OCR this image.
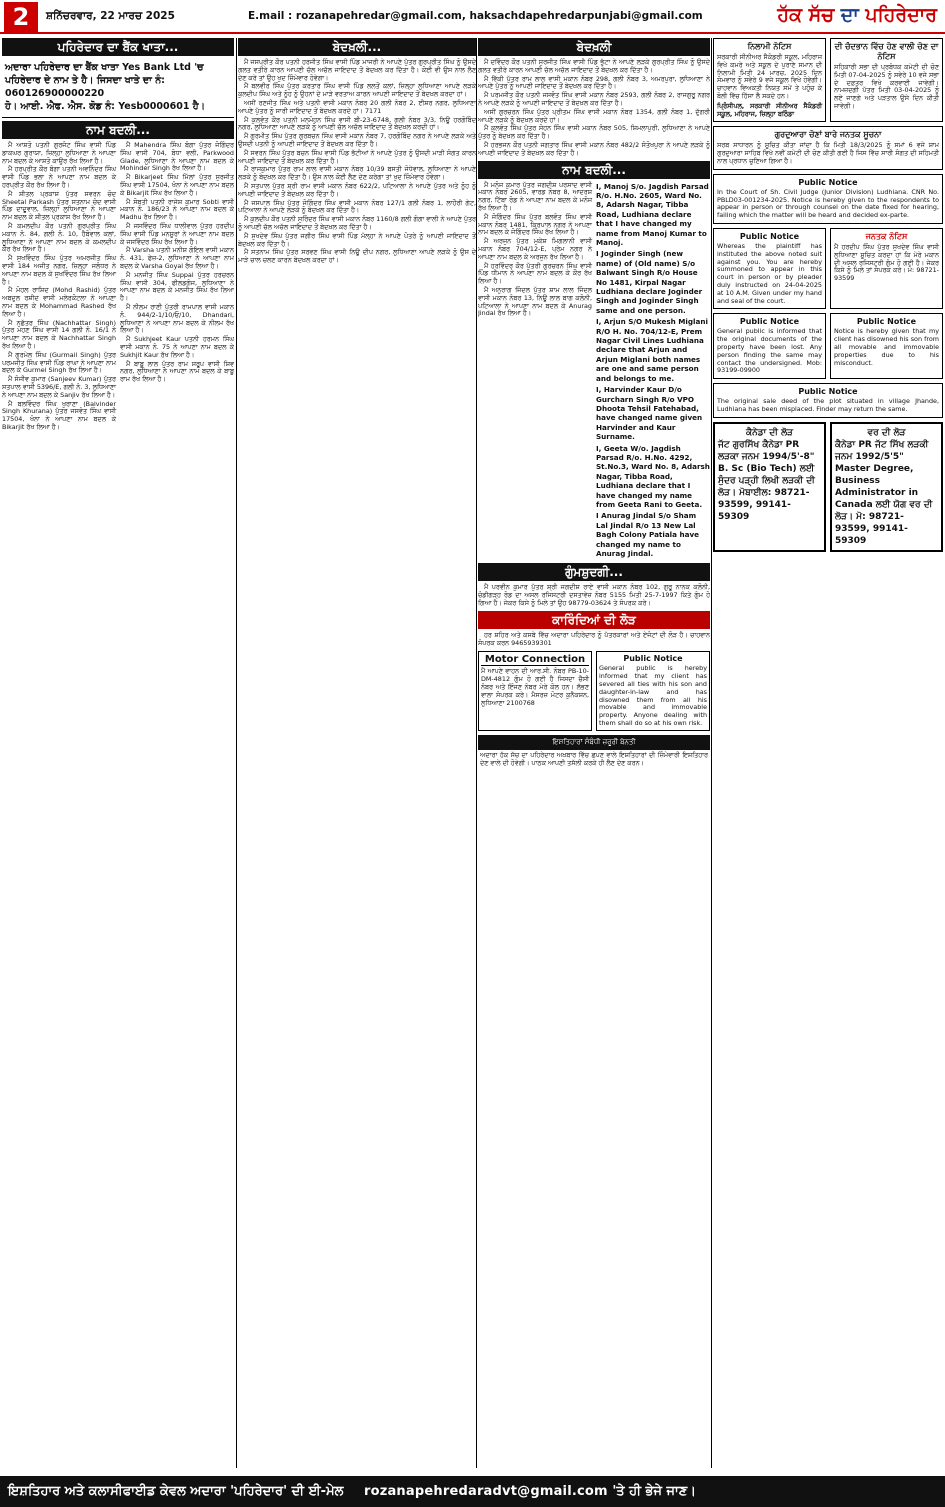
2	ਸ਼ਨਿੱਚਰਵਾਰ, 22 ਮਾਰਚ 2025	E.mail : rozanapehredar@gmail.com, haksachdapehredarpunjabi@gmail.com	ਹੱਕ ਸੱਚ ਦਾ ਪਹਿਰੇਦਾਰ
ਪਹਿਰੇਦਾਰ ਦਾ ਬੈਂਕ ਖਾਤਾ...
ਅਦਾਰਾ ਪਹਿਰੇਦਾਰ ਦਾ ਬੈਂਕ ਖਾਤਾ Yes Bank Ltd 'ਚ ਪਹਿਰੇਦਾਰ ਦੇ ਨਾਮ ਤੇ ਹੈ। ਜਿਸਦਾ ਖਾਤੇ ਦਾ ਨੰ: 060126900000220
ਹੋ। ਆਈ. ਐਫ. ਐਸ. ਕੋਡ ਨੰ: Yesb0000601 ਹੈ।
ਨਾਮ ਬਦਲੀ...

ਮੈਂ ਆਸ਼ਤੋ ਪਤਨੀ ਗੁਰਜੰਟ ਸਿੰਘ ਵਾਸੀ ਪਿੰਡ ਡਾਕਘਰ ਗੁਰਾਯਾ, ਜ਼ਿਲ੍ਹਾ ਲੁਧਿਆਣਾ ਨੇ ਆਪਣਾ ਨਾਮ ਬਦਲ ਕੇ ਆਸ਼ਤੋ ਕਾਉਰ ਰੱਖ ਲਿਆ ਹੈ।

ਮੈਂ ਹਰਪ੍ਰੀਤ ਕੌਰ ਬੰਗਾ ਪਤਨੀ ਅਵਨਿੰਦਰ ਸਿੰਘ ਵਾਸੀ ਪਿੰਡ ਭਲਾ ਨੇ ਆਪਣਾ ਨਾਮ ਬਦਲ ਕੇ ਹਰਪ੍ਰੀਤ ਕੌਰ ਰੱਖ ਲਿਆ ਹੈ।

ਮੈਂ ਸ਼ੀਤਲ ਪ੍ਰਕਾਸ਼ ਪੁੱਤਰ ਸਵਰਨ ਚੰਦ Sheetal Parkash ਪੁੱਤਰ ਸਤਨਾਮ ਚੰਦ ਵਾਸੀ ਪਿੰਡ ਦਾਦੂਵਾਲ, ਜ਼ਿਲ੍ਹਾ ਲੁਧਿਆਣਾ ਨੇ ਆਪਣਾ ਨਾਮ ਬਦਲ ਕੇ ਸ਼ੀਤਲ ਪ੍ਰਕਾਸ਼ ਰੱਖ ਲਿਆ ਹੈ।

ਮੈਂ ਕਮਲਦੀਪ ਕੌਰ ਪਤਨੀ ਗੁਰਪ੍ਰੀਤ ਸਿੰਘ ਮਕਾਨ ਨੰ. 84, ਗਲੀ ਨੰ. 10, ਹੈਬੋਵਾਲ ਕਲਾਂ, ਲੁਧਿਆਣਾ ਨੇ ਆਪਣਾ ਨਾਮ ਬਦਲ ਕੇ ਕਮਲਦੀਪ ਕੌਰ ਰੱਖ ਲਿਆ ਹੈ।

ਮੈਂ ਸੁਖਵਿੰਦਰ ਸਿੰਘ ਪੁੱਤਰ ਅਮਰਜੀਤ ਸਿੰਘ ਵਾਸੀ 184 ਅਜੀਤ ਨਗਰ, ਜ਼ਿਲ੍ਹਾ ਜਲੰਧਰ ਨੇ ਆਪਣਾ ਨਾਮ ਬਦਲ ਕੇ ਸੁਖਵਿੰਦਰ ਸਿੰਘ ਰੱਖ ਲਿਆ ਹੈ।

ਮੈਂ ਮੋਹਲ ਰਾਸ਼ਿਦ (Mohd Rashid) ਪੁੱਤਰ ਅਬਦੁਲ ਰਸ਼ੀਦ ਵਾਸੀ ਮਲੇਰਕੋਟਲਾ ਨੇ ਆਪਣਾ ਨਾਮ ਬਦਲ ਕੇ Mohammad Rashed ਰੱਖ ਲਿਆ ਹੈ।

ਮੈਂ ਨਛੱਤਰ ਸਿੰਘ (Nachhattar Singh) ਪੁੱਤਰ ਮੋਹਣ ਸਿੰਘ ਵਾਸੀ 14 ਗਲੀ ਨੰ. 16/1 ਨੇ ਆਪਣਾ ਨਾਮ ਬਦਲ ਕੇ Nachhattar Singh ਰੱਖ ਲਿਆ ਹੈ।

ਮੈਂ ਗੁਰਮੇਲ ਸਿੰਘ (Gurmail Singh) ਪੁੱਤਰ ਪਰਮਜੀਤ ਸਿੰਘ ਵਾਸੀ ਪਿੰਡ ਰਾਘਾ ਨੇ ਆਪਣਾ ਨਾਮ ਬਦਲ ਕੇ Gurmel Singh ਰੱਖ ਲਿਆ ਹੈ।

ਮੈਂ ਸੰਜੀਵ ਕੁਮਾਰ (Sanjeev Kumar) ਪੁੱਤਰ ਸਤਪਾਲ ਵਾਸੀ 5396/E, ਗਲੀ ਨੰ. 3, ਲੁਧਿਆਣਾ ਨੇ ਆਪਣਾ ਨਾਮ ਬਦਲ ਕੇ Sanjiv ਰੱਖ ਲਿਆ ਹੈ।

ਮੈਂ ਬਲਵਿੰਦਰ ਸਿੰਘ ਖੁਰਾਣਾ (Balvinder Singh Khurana) ਪੁੱਤਰ ਜਸਵੰਤ ਸਿੰਘ ਵਾਸੀ 17504, ਖੰਨਾ ਨੇ ਆਪਣਾ ਨਾਮ ਬਦਲ ਕੇ Bikarjit ਰੱਖ ਲਿਆ ਹੈ।

ਮੈਂ Mahendra ਸਿੰਘ ਬੰਗਾ ਪੁੱਤਰ ਜੋਗਿੰਦਰ ਸਿੰਘ ਵਾਸੀ 704, ਬੋਧਾ ਵਲੀ, Parkwood Glade, ਲੁਧਿਆਣਾ ਨੇ ਆਪਣਾ ਨਾਮ ਬਦਲ ਕੇ Mohinder Singh ਰੱਖ ਲਿਆ ਹੈ।

ਮੈਂ Bikarjeet ਸਿੰਘ ਮਿੱਲਾਂ ਪੁੱਤਰ ਸੁਰਜੀਤ ਸਿੰਘ ਵਾਸੀ 17504, ਖੰਨਾ ਨੇ ਆਪਣਾ ਨਾਮ ਬਦਲ ਕੇ Bikarjit ਸਿੰਘ ਰੱਖ ਲਿਆ ਹੈ।

ਮੈਂ ਸੋਬਤੀ ਪਤਨੀ ਰਾਜੇਸ਼ ਕੁਮਾਰ Sobti ਵਾਸੀ ਮਕਾਨ ਨੰ. 186/23 ਨੇ ਆਪਣਾ ਨਾਮ ਬਦਲ ਕੇ Madhu ਰੱਖ ਲਿਆ ਹੈ।

ਮੈਂ ਜਸਵਿੰਦਰ ਸਿੰਘ ਧਾਲੀਵਾਲ ਪੁੱਤਰ ਹਰਦੀਪ ਸਿੰਘ ਵਾਸੀ ਪਿੰਡ ਮਨਸੂਰਾਂ ਨੇ ਆਪਣਾ ਨਾਮ ਬਦਲ ਕੇ ਜਸਵਿੰਦਰ ਸਿੰਘ ਰੱਖ ਲਿਆ ਹੈ।

ਮੈਂ Varsha ਪਤਨੀ ਮਨੀਸ਼ ਗੋਇਲ ਵਾਸੀ ਮਕਾਨ ਨੰ. 431, ਫੇਜ਼-2, ਲੁਧਿਆਣਾ ਨੇ ਆਪਣਾ ਨਾਮ ਬਦਲ ਕੇ Varsha Goyal ਰੱਖ ਲਿਆ ਹੈ।

ਮੈਂ ਮਨਜੀਤ ਸਿੰਘ Suppal ਪੁੱਤਰ ਹਰਚਰਨ ਸਿੰਘ ਵਾਸੀ 304, ਫੀਲਡਗੰਜ, ਲੁਧਿਆਣਾ ਨੇ ਆਪਣਾ ਨਾਮ ਬਦਲ ਕੇ ਮਨਜੀਤ ਸਿੰਘ ਰੱਖ ਲਿਆ ਹੈ।

ਮੈਂ ਨੀਲਮ ਰਾਣੀ ਪੁੱਤਰੀ ਰਾਮਪਾਲ ਵਾਸੀ ਮਕਾਨ ਨੰ. 944/2-1/10/ਓ/10, Dhandari, ਲੁਧਿਆਣਾ ਨੇ ਆਪਣਾ ਨਾਮ ਬਦਲ ਕੇ ਨੀਲਮ ਰੱਖ ਲਿਆ ਹੈ।

ਮੈਂ Sukhjeet Kaur ਪਤਨੀ ਹਰਮਨ ਸਿੰਘ ਵਾਸੀ ਮਕਾਨ ਨੰ. 75 ਨੇ ਆਪਣਾ ਨਾਮ ਬਦਲ ਕੇ Sukhjit Kaur ਰੱਖ ਲਿਆ ਹੈ।

ਮੈਂ ਬਾਬੂ ਲਾਲ ਪੁੱਤਰ ਰਾਮ ਸਰੂਪ ਵਾਸੀ ਸ਼ਿਵ ਨਗਰ, ਲੁਧਿਆਣਾ ਨੇ ਆਪਣਾ ਨਾਮ ਬਦਲ ਕੇ ਬਾਬੂ ਰਾਮ ਰੱਖ ਲਿਆ ਹੈ।

ਬੇਦਖ਼ਲੀ...

ਮੈਂ ਜਸਪ੍ਰੀਤ ਕੌਰ ਪਤਨੀ ਹਰਜੀਤ ਸਿੰਘ ਵਾਸੀ ਪਿੰਡ ਮਾਜਰੀ ਨੇ ਆਪਣੇ ਪੁੱਤਰ ਗੁਰਪ੍ਰੀਤ ਸਿੰਘ ਨੂੰ ਉਸਦੇ ਗਲਤ ਵਤੀਰੇ ਕਾਰਨ ਆਪਣੀ ਚੱਲ ਅਚੱਲ ਜਾਇਦਾਦ ਤੋਂ ਬੇਦਖ਼ਲ ਕਰ ਦਿੱਤਾ ਹੈ। ਕੋਈ ਵੀ ਉਸ ਨਾਲ ਲੈਣ ਦੇਣ ਕਰੇ ਤਾਂ ਉਹ ਖੁਦ ਜ਼ਿੰਮੇਵਾਰ ਹੋਵੇਗਾ।

ਮੈਂ ਬਲਵੀਰ ਸਿੰਘ ਪੁੱਤਰ ਕਰਤਾਰ ਸਿੰਘ ਵਾਸੀ ਪਿੰਡ ਲਲਤੋਂ ਕਲਾਂ, ਜ਼ਿਲ੍ਹਾ ਲੁਧਿਆਣਾ ਆਪਣੇ ਲੜਕੇ ਕੁਲਦੀਪ ਸਿੰਘ ਅਤੇ ਨੂੰਹ ਨੂੰ ਉਹਨਾਂ ਦੇ ਮਾੜੇ ਵਰਤਾਅ ਕਾਰਨ ਆਪਣੀ ਜਾਇਦਾਦ ਤੋਂ ਬੇਦਖ਼ਲ ਕਰਦਾ ਹਾਂ।

ਅਸੀਂ ਰਣਜੀਤ ਸਿੰਘ ਅਤੇ ਪਤਨੀ ਵਾਸੀ ਮਕਾਨ ਨੰਬਰ 20 ਗਲੀ ਨੰਬਰ 2, ਈਸ਼ਰ ਨਗਰ, ਲੁਧਿਆਣਾ ਆਪਣੇ ਪੁੱਤਰ ਨੂੰ ਸਾਰੀ ਜਾਇਦਾਦ ਤੋਂ ਬੇਦਖ਼ਲ ਕਰਦੇ ਹਾਂ। 7171

ਮੈਂ ਕੁਲਵੰਤ ਕੌਰ ਪਤਨੀ ਮਨਮੋਹਨ ਸਿੰਘ ਵਾਸੀ ਬੀ-23-6748, ਗਲੀ ਨੰਬਰ 3/3, ਨਿਊ ਹਰਗੋਬਿੰਦ ਨਗਰ, ਲੁਧਿਆਣਾ ਆਪਣੇ ਲੜਕੇ ਨੂੰ ਆਪਣੀ ਚੱਲ ਅਚੱਲ ਜਾਇਦਾਦ ਤੋਂ ਬੇਦਖ਼ਲ ਕਰਦੀ ਹਾਂ।

ਮੈਂ ਗੁਰਮੀਤ ਸਿੰਘ ਪੁੱਤਰ ਗੁਰਬਚਨ ਸਿੰਘ ਵਾਸੀ ਮਕਾਨ ਨੰਬਰ 7, ਹਰਗੋਬਿੰਦ ਨਗਰ ਨੇ ਆਪਣੇ ਲੜਕੇ ਅਤੇ ਉਸਦੀ ਪਤਨੀ ਨੂੰ ਆਪਣੀ ਜਾਇਦਾਦ ਤੋਂ ਬੇਦਖ਼ਲ ਕਰ ਦਿੱਤਾ ਹੈ।

ਮੈਂ ਸਵਰਨ ਸਿੰਘ ਪੁੱਤਰ ਬਚਨ ਸਿੰਘ ਵਾਸੀ ਪਿੰਡ ਭੱਟੀਆਂ ਨੇ ਆਪਣੇ ਪੁੱਤਰ ਨੂੰ ਉਸਦੀ ਮਾੜੀ ਸੰਗਤ ਕਾਰਨ ਆਪਣੀ ਜਾਇਦਾਦ ਤੋਂ ਬੇਦਖ਼ਲ ਕਰ ਦਿੱਤਾ ਹੈ।

ਮੈਂ ਰਾਜਕੁਮਾਰ ਪੁੱਤਰ ਰਾਮ ਲਾਲ ਵਾਸੀ ਮਕਾਨ ਨੰਬਰ 10/39 ਬਸਤੀ ਜੋਧੇਵਾਲ, ਲੁਧਿਆਣਾ ਨੇ ਆਪਣੇ ਲੜਕੇ ਨੂੰ ਬੇਦਖ਼ਲ ਕਰ ਦਿੱਤਾ ਹੈ। ਉਸ ਨਾਲ ਕੋਈ ਲੈਣ ਦੇਣ ਕਰੇਗਾ ਤਾਂ ਖੁਦ ਜ਼ਿੰਮੇਵਾਰ ਹੋਵੇਗਾ।

ਮੈਂ ਸਤਪਾਲ ਪੁੱਤਰ ਸ਼੍ਰੀ ਰਾਮ ਵਾਸੀ ਮਕਾਨ ਨੰਬਰ 622/2, ਪਟਿਆਲਾ ਨੇ ਆਪਣੇ ਪੁੱਤਰ ਅਤੇ ਨੂੰਹ ਨੂੰ ਆਪਣੀ ਜਾਇਦਾਦ ਤੋਂ ਬੇਦਖ਼ਲ ਕਰ ਦਿੱਤਾ ਹੈ।

ਮੈਂ ਜਸਪਾਲ ਸਿੰਘ ਪੁੱਤਰ ਜੋਗਿੰਦਰ ਸਿੰਘ ਵਾਸੀ ਮਕਾਨ ਨੰਬਰ 127/1 ਗਲੀ ਨੰਬਰ 1, ਲਾਹੌਰੀ ਗੇਟ, ਪਟਿਆਲਾ ਨੇ ਆਪਣੇ ਲੜਕੇ ਨੂੰ ਬੇਦਖ਼ਲ ਕਰ ਦਿੱਤਾ ਹੈ।

ਮੈਂ ਕੁਲਦੀਪ ਕੌਰ ਪਤਨੀ ਸੁਰਿੰਦਰ ਸਿੰਘ ਵਾਸੀ ਮਕਾਨ ਨੰਬਰ 1160/8 ਗਲੀ ਗੰਗਾ ਵਾਲੀ ਨੇ ਆਪਣੇ ਪੁੱਤਰ ਨੂੰ ਆਪਣੀ ਚੱਲ ਅਚੱਲ ਜਾਇਦਾਦ ਤੋਂ ਬੇਦਖ਼ਲ ਕਰ ਦਿੱਤਾ ਹੈ।

ਮੈਂ ਸੁਖਦੇਵ ਸਿੰਘ ਪੁੱਤਰ ਜਗੀਰ ਸਿੰਘ ਵਾਸੀ ਪਿੰਡ ਮੱਲ੍ਹਾ ਨੇ ਆਪਣੇ ਪੋਤਰੇ ਨੂੰ ਆਪਣੀ ਜਾਇਦਾਦ ਤੋਂ ਬੇਦਖ਼ਲ ਕਰ ਦਿੱਤਾ ਹੈ।

ਮੈਂ ਸਤਨਾਮ ਸਿੰਘ ਪੁੱਤਰ ਸਰਵਣ ਸਿੰਘ ਵਾਸੀ ਨਿਊ ਦੀਪ ਨਗਰ, ਲੁਧਿਆਣਾ ਆਪਣੇ ਲੜਕੇ ਨੂੰ ਉਸ ਦੇ ਮਾੜੇ ਚਾਲ ਚਲਣ ਕਾਰਨ ਬੇਦਖ਼ਲ ਕਰਦਾ ਹਾਂ।

ਬੇਦਖ਼ਲੀ

ਮੈਂ ਦਵਿੰਦਰ ਕੌਰ ਪਤਨੀ ਸੁਰਜੀਤ ਸਿੰਘ ਵਾਸੀ ਪਿੰਡ ਭੁੱਟਾ ਨੇ ਆਪਣੇ ਲੜਕੇ ਗੁਰਪ੍ਰੀਤ ਸਿੰਘ ਨੂੰ ਉਸਦੇ ਗਲਤ ਵਤੀਰੇ ਕਾਰਨ ਆਪਣੀ ਚੱਲ ਅਚੱਲ ਜਾਇਦਾਦ ਤੋਂ ਬੇਦਖ਼ਲ ਕਰ ਦਿੱਤਾ ਹੈ।

ਮੈਂ ਵਿੱਕੀ ਪੁੱਤਰ ਰਾਮ ਲਾਲ ਵਾਸੀ ਮਕਾਨ ਨੰਬਰ 298, ਗਲੀ ਨੰਬਰ 3, ਅਮਰਪੁਰਾ, ਲੁਧਿਆਣਾ ਨੇ ਆਪਣੇ ਪੁੱਤਰ ਨੂੰ ਆਪਣੀ ਜਾਇਦਾਦ ਤੋਂ ਬੇਦਖ਼ਲ ਕਰ ਦਿੱਤਾ ਹੈ।

ਮੈਂ ਪਰਮਜੀਤ ਕੌਰ ਪਤਨੀ ਜਸਵੰਤ ਸਿੰਘ ਵਾਸੀ ਮਕਾਨ ਨੰਬਰ 2593, ਗਲੀ ਨੰਬਰ 2, ਰਾਜਗੁਰੂ ਨਗਰ ਨੇ ਆਪਣੇ ਲੜਕੇ ਨੂੰ ਆਪਣੀ ਜਾਇਦਾਦ ਤੋਂ ਬੇਦਖ਼ਲ ਕਰ ਦਿੱਤਾ ਹੈ।

ਅਸੀਂ ਗੁਰਚਰਨ ਸਿੰਘ ਪੁੱਤਰ ਪ੍ਰੀਤਮ ਸਿੰਘ ਵਾਸੀ ਮਕਾਨ ਨੰਬਰ 1354, ਗਲੀ ਨੰਬਰ 1, ਦੁੱਗਰੀ ਆਪਣੇ ਲੜਕੇ ਨੂੰ ਬੇਦਖ਼ਲ ਕਰਦੇ ਹਾਂ।

ਮੈਂ ਕੁਲਵੰਤ ਸਿੰਘ ਪੁੱਤਰ ਸੋਹਨ ਸਿੰਘ ਵਾਸੀ ਮਕਾਨ ਨੰਬਰ 505, ਸ਼ਿਮਲਾਪੁਰੀ, ਲੁਧਿਆਣਾ ਨੇ ਆਪਣੇ ਪੁੱਤਰ ਨੂੰ ਬੇਦਖ਼ਲ ਕਰ ਦਿੱਤਾ ਹੈ।

ਮੈਂ ਹਰਭਜਨ ਕੌਰ ਪਤਨੀ ਜਗਤਾਰ ਸਿੰਘ ਵਾਸੀ ਮਕਾਨ ਨੰਬਰ 482/2 ਸੰਤੋਖਪੁਰਾ ਨੇ ਆਪਣੇ ਲੜਕੇ ਨੂੰ ਆਪਣੀ ਜਾਇਦਾਦ ਤੋਂ ਬੇਦਖ਼ਲ ਕਰ ਦਿੱਤਾ ਹੈ।

ਨਾਮ ਬਦਲੀ...

ਮੈਂ ਮਨੋਜ ਕੁਮਾਰ ਪੁੱਤਰ ਜਗਦੀਸ਼ ਪਰਸਾਦ ਵਾਸੀ ਮਕਾਨ ਨੰਬਰ 2605, ਵਾਰਡ ਨੰਬਰ 8, ਆਦਰਸ਼ ਨਗਰ, ਟਿੱਬਾ ਰੋਡ ਨੇ ਆਪਣਾ ਨਾਮ ਬਦਲ ਕੇ ਮਨੋਜ ਰੱਖ ਲਿਆ ਹੈ।

ਮੈਂ ਜੋਗਿੰਦਰ ਸਿੰਘ ਪੁੱਤਰ ਬਲਵੰਤ ਸਿੰਘ ਵਾਸੀ ਮਕਾਨ ਨੰਬਰ 1481, ਕ੍ਰਿਪਾਲ ਨਗਰ ਨੇ ਆਪਣਾ ਨਾਮ ਬਦਲ ਕੇ ਜੋਗਿੰਦਰ ਸਿੰਘ ਰੱਖ ਲਿਆ ਹੈ।

ਮੈਂ ਅਰਜੁਨ ਪੁੱਤਰ ਮੁਕੇਸ਼ ਮਿਗਲਾਨੀ ਵਾਸੀ ਮਕਾਨ ਨੰਬਰ 704/12-E, ਪ੍ਰੇਮ ਨਗਰ ਨੇ ਆਪਣਾ ਨਾਮ ਬਦਲ ਕੇ ਅਰਜੁਨ ਰੱਖ ਲਿਆ ਹੈ।

ਮੈਂ ਹਰਵਿੰਦਰ ਕੌਰ ਪੁੱਤਰੀ ਗੁਰਚਰਨ ਸਿੰਘ ਵਾਸੀ ਪਿੰਡ ਧੀਮਾਨ ਨੇ ਆਪਣਾ ਨਾਮ ਬਦਲ ਕੇ ਕੌਰ ਰੱਖ ਲਿਆ ਹੈ।

ਮੈਂ ਅਨੁਰਾਗ ਜਿੰਦਲ ਪੁੱਤਰ ਸ਼ਾਮ ਲਾਲ ਜਿੰਦਲ ਵਾਸੀ ਮਕਾਨ ਨੰਬਰ 13, ਨਿਊ ਲਾਲ ਬਾਗ ਕਲੋਨੀ, ਪਟਿਆਲਾ ਨੇ ਆਪਣਾ ਨਾਮ ਬਦਲ ਕੇ Anurag Jindal ਰੱਖ ਲਿਆ ਹੈ।

I, Manoj S/o. Jagdish Parsad R/o. H.No. 2605, Ward No. 8, Adarsh Nagar, Tibba Road, Ludhiana declare that I have changed my name from Manoj Kumar to Manoj.

I Joginder Singh (new name) of (Old name) S/o Balwant Singh R/o House No 1481, Kirpal Nagar Ludhiana declare Joginder Singh and Joginder Singh same and one person.

I, Arjun S/O Mukesh Miglani R/O H. No. 704/12-E, Prem Nagar Civil Lines Ludhiana declare that Arjun and Arjun Miglani both names are one and same person and belongs to me.

I, Harvinder Kaur D/o Gurcharn Singh R/o VPO Dhoota Tehsil Fatehabad, have changed name given Harvinder and Kaur Surname.

I, Geeta W/o. Jagdish Parsad R/o. H.No. 4292, St.No.3, Ward No. 8, Adarsh Nagar, Tibba Road, Ludhiana declare that I have changed my name from Geeta Rani to Geeta.

I Anurag Jindal S/o Sham Lal Jindal R/o 13 New Lal Bagh Colony Patiala have changed my name to Anurag Jindal.

ਗੁੰਮਸ਼ੁਦਗੀ...

ਮੈਂ ਪਰਵੀਨ ਕੁਮਾਰ ਪੁੱਤਰ ਸ਼੍ਰੀ ਜਗਦੀਸ਼ ਰਾਏ ਵਾਸੀ ਮਕਾਨ ਨੰਬਰ 102, ਗੁਰੂ ਨਾਨਕ ਕਲੋਨੀ, ਚੰਡੀਗੜ੍ਹ ਰੋਡ ਦਾ ਅਸਲ ਰਜਿਸਟਰੀ ਦਸਤਾਵੇਜ਼ ਨੰਬਰ 5155 ਮਿਤੀ 25-7-1997 ਕਿਤੇ ਗੁੰਮ ਹੋ ਗਿਆ ਹੈ। ਜੇਕਰ ਕਿਸੇ ਨੂੰ ਮਿਲੇ ਤਾਂ ਉਹ 98779-03624 ਤੇ ਸੰਪਰਕ ਕਰੇ।

ਕਾਰਿੰਦਿਆਂ ਦੀ ਲੋੜ

ਹਰ ਸ਼ਹਿਰ ਅਤੇ ਕਸਬੇ ਵਿੱਚ ਅਦਾਰਾ ਪਹਿਰੇਦਾਰ ਨੂੰ ਪੱਤਰਕਾਰਾਂ ਅਤੇ ਏਜੰਟਾਂ ਦੀ ਲੋੜ ਹੈ। ਚਾਹਵਾਨ ਸੰਪਰਕ ਕਰਨ 9465939301

Motor Connection
ਮੈਂ ਆਪਣੇ ਵਾਹਨ ਦੀ ਆਰ.ਸੀ. ਨੰਬਰ PB-10-DM-4812 ਗੁੰਮ ਹੋ ਗਈ ਹੈ ਜਿਸਦਾ ਚੈਸੀ ਨੰਬਰ ਅਤੇ ਇੰਜਣ ਨੰਬਰ ਮੇਰੇ ਕੋਲ ਹਨ। ਲੱਭਣ ਵਾਲਾ ਸੰਪਰਕ ਕਰੇ। ਮੈਸਰਜ਼ ਮੋਟਰ ਕੁਨੈਕਸ਼ਨ, ਲੁਧਿਆਣਾ 2100768
Public Notice
General public is hereby informed that my client has severed all ties with his son and daughter-in-law and has disowned them from all his movable and immovable property. Anyone dealing with them shall do so at his own risk.
ਇਸ਼ਤਿਹਾਰਾਂ ਸੰਬੰਧੀ ਜ਼ਰੂਰੀ ਬੇਨਤੀ
ਅਦਾਰਾ ਹੱਕ ਸੱਚ ਦਾ ਪਹਿਰੇਦਾਰ ਅਖ਼ਬਾਰ ਵਿੱਚ ਛਪਣ ਵਾਲੇ ਇਸ਼ਤਿਹਾਰਾਂ ਦੀ ਜ਼ਿੰਮੇਵਾਰੀ ਇਸ਼ਤਿਹਾਰ ਦੇਣ ਵਾਲੇ ਦੀ ਹੋਵੇਗੀ। ਪਾਠਕ ਆਪਣੀ ਤਸੱਲੀ ਕਰਕੇ ਹੀ ਲੈਣ ਦੇਣ ਕਰਨ।
ਨਿਲਾਮੀ ਨੋਟਿਸ
ਸਰਕਾਰੀ ਸੀਨੀਅਰ ਸੈਕੰਡਰੀ ਸਕੂਲ, ਮਹਿਰਾਜ ਵਿਖੇ ਕਮਰੇ ਅਤੇ ਸਕੂਲ ਦੇ ਪੁਰਾਣੇ ਸਮਾਨ ਦੀ ਨਿਲਾਮੀ ਮਿਤੀ 24 ਮਾਰਚ, 2025 ਦਿਨ ਸੋਮਵਾਰ ਨੂੰ ਸਵੇਰੇ 9 ਵਜੇ ਸਕੂਲ ਵਿਖੇ ਹੋਵੇਗੀ। ਚਾਹਵਾਨ ਵਿਅਕਤੀ ਨਿਯਤ ਸਮੇਂ ਤੇ ਪਹੁੰਚ ਕੇ ਬੋਲੀ ਵਿੱਚ ਹਿੱਸਾ ਲੈ ਸਕਦੇ ਹਨ।
ਪ੍ਰਿੰਸੀਪਲ, ਸਰਕਾਰੀ ਸੀਨੀਅਰ ਸੈਕੰਡਰੀ ਸਕੂਲ, ਮਹਿਰਾਜ, ਜ਼ਿਲ੍ਹਾ ਬਠਿੰਡਾ
ਦੀ ਚੰਦਭਾਨ ਵਿੱਚ ਹੋਣ ਵਾਲੀ ਚੋਣ ਦਾ ਨੋਟਿਸ
ਸਹਿਕਾਰੀ ਸਭਾ ਦੀ ਪ੍ਰਬੰਧਕ ਕਮੇਟੀ ਦੀ ਚੋਣ ਮਿਤੀ 07-04-2025 ਨੂੰ ਸਵੇਰੇ 10 ਵਜੇ ਸਭਾ ਦੇ ਦਫ਼ਤਰ ਵਿਖੇ ਕਰਵਾਈ ਜਾਵੇਗੀ। ਨਾਮਜ਼ਦਗੀ ਪੱਤਰ ਮਿਤੀ 03-04-2025 ਨੂੰ ਲਏ ਜਾਣਗੇ ਅਤੇ ਪੜਤਾਲ ਉਸੇ ਦਿਨ ਕੀਤੀ ਜਾਵੇਗੀ।
ਗੁਰਦੁਆਰਾ ਚੋਣਾਂ ਬਾਰੇ ਜਨਤਕ ਸੂਚਨਾ
ਸਰਬ ਸਾਧਾਰਨ ਨੂੰ ਸੂਚਿਤ ਕੀਤਾ ਜਾਂਦਾ ਹੈ ਕਿ ਮਿਤੀ 18/3/2025 ਨੂੰ ਸਮਾਂ 6 ਵਜੇ ਸ਼ਾਮ ਗੁਰਦੁਆਰਾ ਸਾਹਿਬ ਵਿਖੇ ਨਵੀਂ ਕਮੇਟੀ ਦੀ ਚੋਣ ਕੀਤੀ ਗਈ ਹੈ ਜਿਸ ਵਿੱਚ ਸਾਰੀ ਸੰਗਤ ਦੀ ਸਹਿਮਤੀ ਨਾਲ ਪ੍ਰਧਾਨ ਚੁਣਿਆ ਗਿਆ ਹੈ।
Public Notice
In the Court of Sh. Civil Judge (Junior Division) Ludhiana. CNR No. PBLD03-001234-2025. Notice is hereby given to the respondents to appear in person or through counsel on the date fixed for hearing, failing which the matter will be heard and decided ex-parte.
Public Notice
Whereas the plaintiff has instituted the above noted suit against you. You are hereby summoned to appear in this court in person or by pleader duly instructed on 24-04-2025 at 10 A.M. Given under my hand and seal of the court.
ਜਨਤਕ ਨੋਟਿਸ
ਮੈਂ ਹਰਦੀਪ ਸਿੰਘ ਪੁੱਤਰ ਸੁਖਦੇਵ ਸਿੰਘ ਵਾਸੀ ਲੁਧਿਆਣਾ ਸੂਚਿਤ ਕਰਦਾ ਹਾਂ ਕਿ ਮੇਰੇ ਮਕਾਨ ਦੀ ਅਸਲ ਰਜਿਸਟਰੀ ਗੁੰਮ ਹੋ ਗਈ ਹੈ। ਜੇਕਰ ਕਿਸੇ ਨੂੰ ਮਿਲੇ ਤਾਂ ਸੰਪਰਕ ਕਰੇ। ਮੋ: 98721-93599
Public Notice
General public is informed that the original documents of the property have been lost. Any person finding the same may contact the undersigned. Mob: 93199-09900
Public Notice
Notice is hereby given that my client has disowned his son from all movable and immovable properties due to his misconduct.
Public Notice
The original sale deed of the plot situated in village Jhande, Ludhiana has been misplaced. Finder may return the same.
ਕੈਨੇਡਾ ਦੀ ਲੋੜ
ਜੱਟ ਗੁਰਸਿੱਖ ਕੈਨੇਡਾ PR ਲੜਕਾ ਜਨਮ 1994/5'-8" B. Sc (Bio Tech) ਲਈ ਸੁੰਦਰ ਪੜ੍ਹੀ ਲਿਖੀ ਲੜਕੀ ਦੀ ਲੋੜ। ਮੋਬਾਈਲ: 98721-93599, 99141-59309
ਵਰ ਦੀ ਲੋੜ
ਕੈਨੇਡਾ PR ਜੱਟ ਸਿੱਖ ਲੜਕੀ ਜਨਮ 1992/5'5" Master Degree, Business Administrator in Canada ਲਈ ਯੋਗ ਵਰ ਦੀ ਲੋੜ। ਮੋ: 98721-93599, 99141-59309
ਇਸ਼ਤਿਹਾਰ ਅਤੇ ਕਲਾਸੀਫਾਈਡ ਕੇਵਲ ਅਦਾਰਾ 'ਪਹਿਰੇਦਾਰ' ਦੀ ਈ-ਮੇਲ rozanapehredaradvt@gmail.com 'ਤੇ ਹੀ ਭੇਜੇ ਜਾਣ।
